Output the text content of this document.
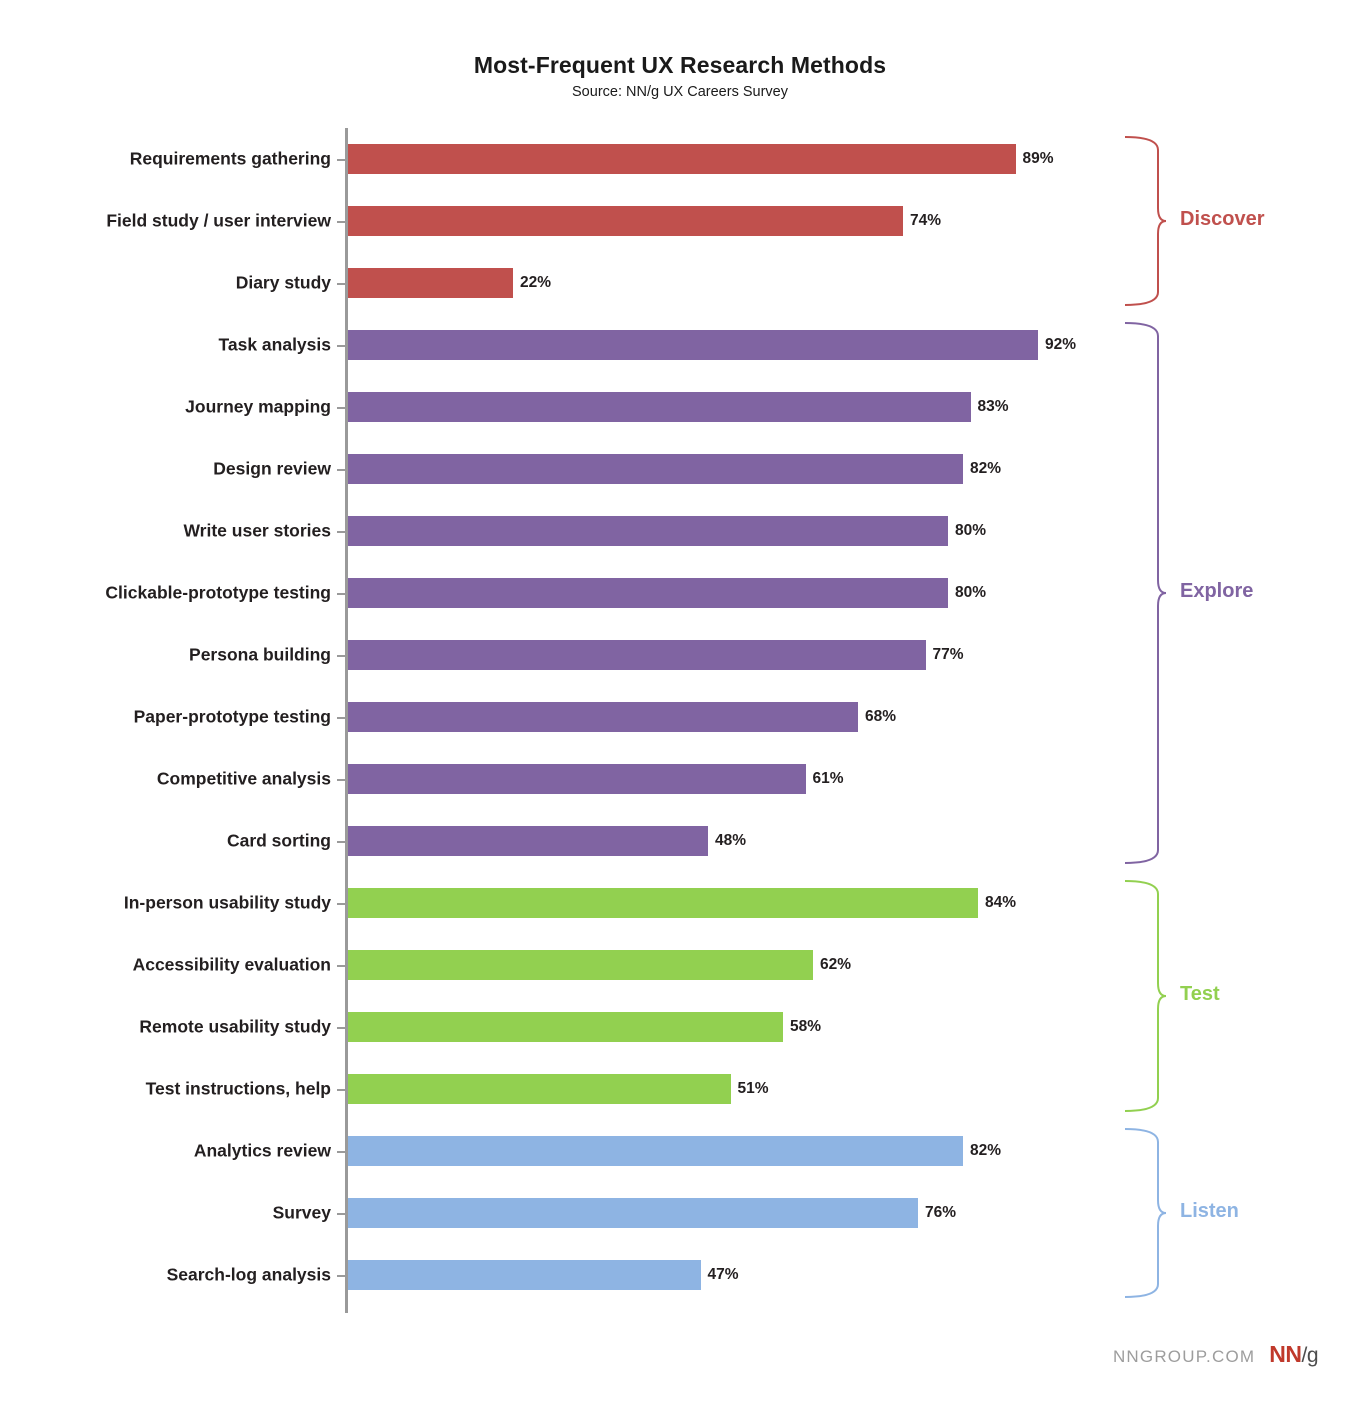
Most-Frequent UX Research Methods
Source: NN/g UX Careers Survey
Requirements gathering	89%
Field study / user interview	74%
Diary study	22%
Task analysis	92%
Journey mapping	83%
Design review	82%
Write user stories	80%
Clickable-prototype testing	80%
Persona building	77%
Paper-prototype testing	68%
Competitive analysis	61%
Card sorting	48%
In-person usability study	84%
Accessibility evaluation	62%
Remote usability study	58%
Test instructions, help	51%
Analytics review	82%
Survey	76%
Search-log analysis	47%
Discover
Explore
Test
Listen
NNGROUP.COM NN/g
